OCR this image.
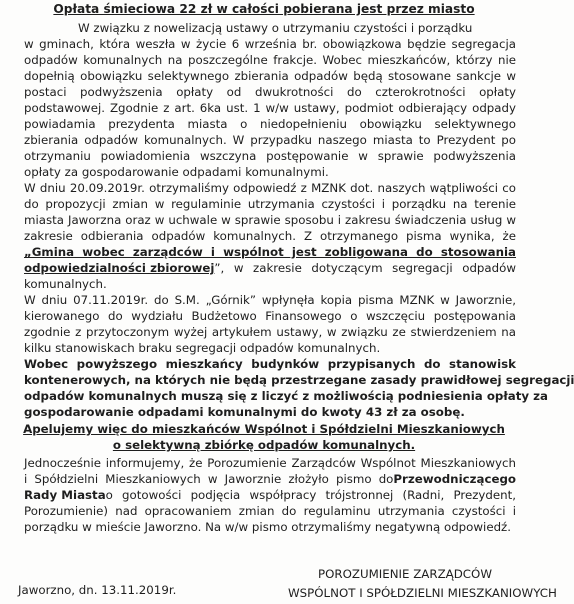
Opłata śmieciowa 22 zł w całości pobierana jest przez miasto
W związku z nowelizacją ustawy o utrzymaniu czystości i porządku
w gminach, która weszła w życie 6 września br. obowiązkowa będzie segregacja
odpadów komunalnych na poszczególne frakcje. Wobec mieszkańców, którzy nie
dopełnią obowiązku selektywnego zbierania odpadów będą stosowane sankcje w
postaci podwyższenia opłaty od dwukrotności do czterokrotności opłaty
podstawowej. Zgodnie z art. 6ka ust. 1 w/w ustawy, podmiot odbierający odpady
powiadamia prezydenta miasta o niedopełnieniu obowiązku selektywnego
zbierania odpadów komunalnych. W przypadku naszego miasta to Prezydent po
otrzymaniu powiadomienia wszczyna postępowanie w sprawie podwyższenia
opłaty za gospodarowanie odpadami komunalnymi.
W dniu 20.09.2019r. otrzymaliśmy odpowiedź z MZNK dot. naszych wątpliwości co
do propozycji zmian w regulaminie utrzymania czystości i porządku na terenie
miasta Jaworzna oraz w uchwale w sprawie sposobu i zakresu świadczenia usług w
zakresie odbierania odpadów komunalnych. Z otrzymanego pisma wynika, że
„Gmina wobec zarządców i wspólnot jest zobligowana do stosowania
odpowiedzialności zbiorowej ”, w zakresie dotyczącym segregacji odpadów
komunalnych.
W dniu 07.11.2019r. do S.M. „Górnik” wpłynęła kopia pisma MZNK w Jaworznie,
kierowanego do wydziału Budżetowo Finansowego o wszczęciu postępowania
zgodnie z przytoczonym wyżej artykułem ustawy, w związku ze stwierdzeniem na
kilku stanowiskach braku segregacji odpadów komunalnych.
Wobec powyższego mieszkańcy budynków przypisanych do stanowisk
kontenerowych, na których nie będą przestrzegane zasady prawidłowej segregacji
odpadów komunalnych muszą się z liczyć z możliwością podniesienia opłaty za
gospodarowanie odpadami komunalnymi do kwoty 43 zł za osobę.
Apelujemy więc do mieszkańców Wspólnot i Spółdzielni Mieszkaniowych
o selektywną zbiórkę odpadów komunalnych.
Jednocześnie informujemy, że Porozumienie Zarządców Wspólnot Mieszkaniowych
i Spółdzielni Mieszkaniowych w Jaworznie złożyło pismo do Przewodniczącego
Rady Miasta o gotowości podjęcia współpracy trójstronnej (Radni, Prezydent,
Porozumienie) nad opracowaniem zmian do regulaminu utrzymania czystości i
porządku w mieście Jaworzno. Na w/w pismo otrzymaliśmy negatywną odpowiedź.
Jaworzno, dn. 13.11.2019r.
POROZUMIENIE ZARZĄDCÓW
WSPÓLNOT I SPÓŁDZIELNI MIESZKANIOWYCH
